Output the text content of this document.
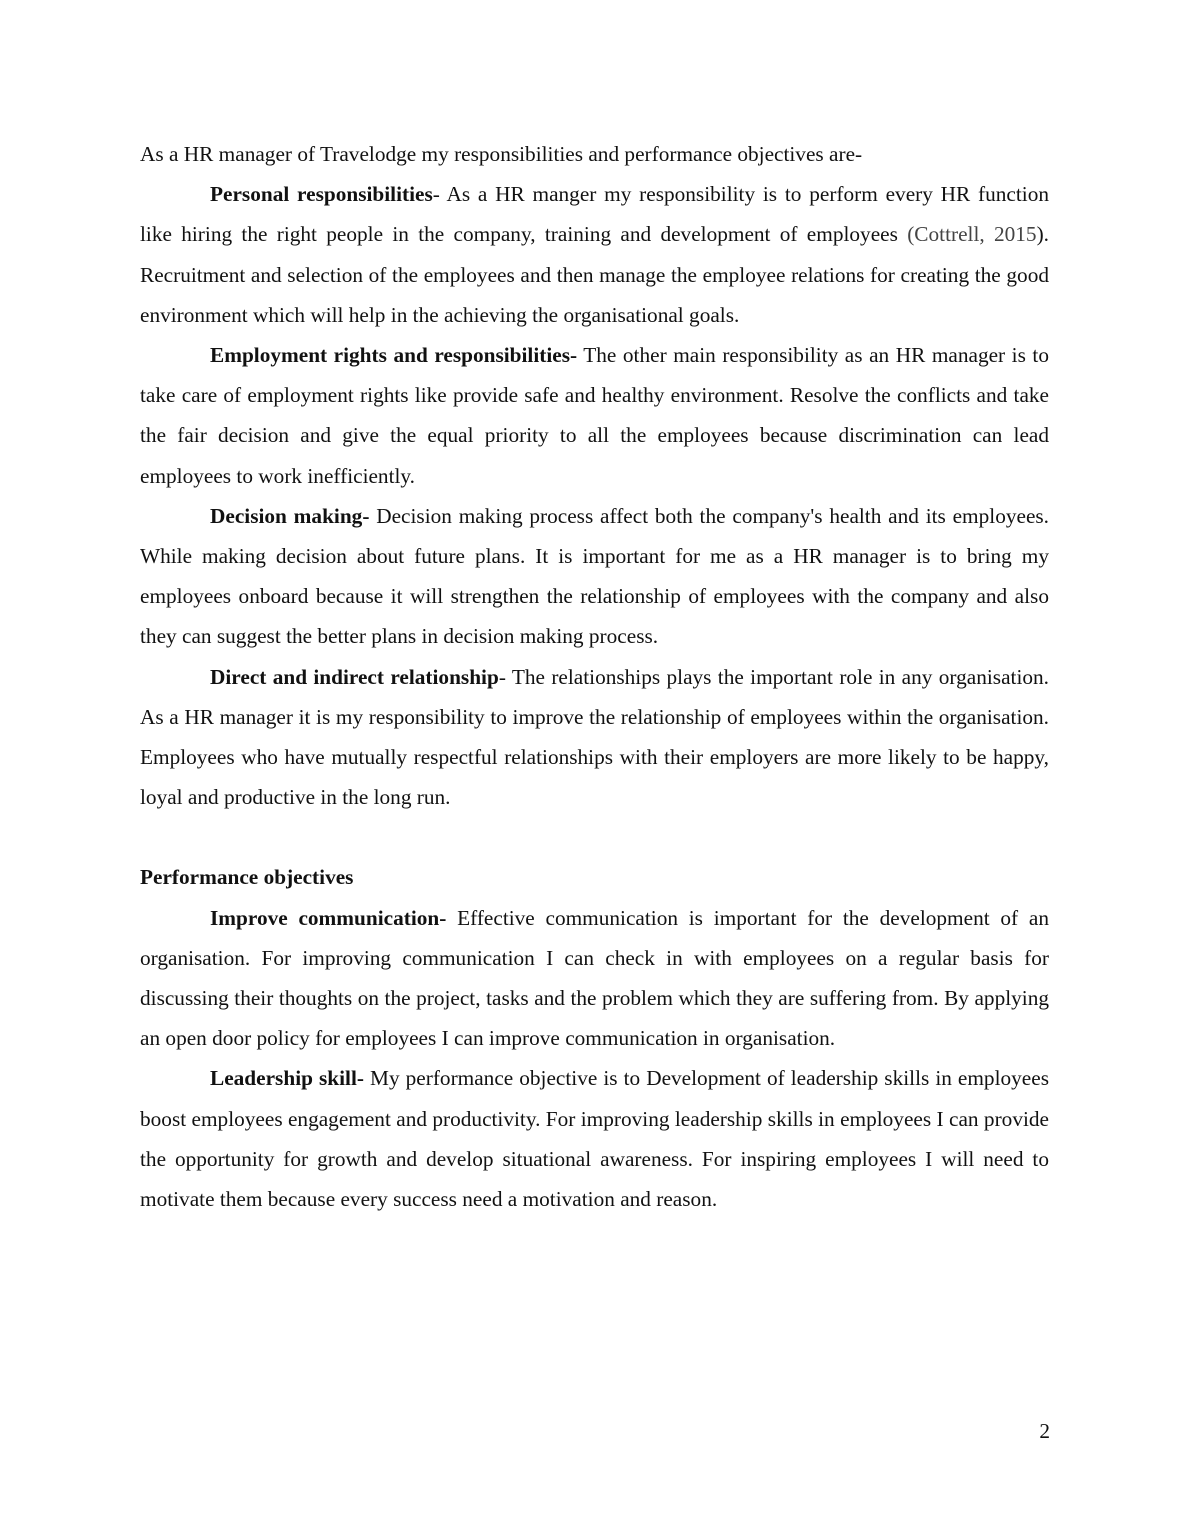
As a HR manager of Travelodge my responsibilities and performance objectives are-

Personal responsibilities- As a HR manger my responsibility is to perform every HR function like hiring the right people in the company, training and development of employees (Cottrell, 2015). Recruitment and selection of the employees and then manage the employee relations for creating the good environment which will help in the achieving the organisational goals.

Employment rights and responsibilities- The other main responsibility as an HR manager is to take care of employment rights like provide safe and healthy environment. Resolve the conflicts and take the fair decision and give the equal priority to all the employees because discrimination can lead employees to work inefficiently.

Decision making- Decision making process affect both the company's health and its employees. While making decision about future plans. It is important for me as a HR manager is to bring my employees onboard because it will strengthen the relationship of employees with the company and also they can suggest the better plans in decision making process.

Direct and indirect relationship- The relationships plays the important role in any organisation. As a HR manager it is my responsibility to improve the relationship of employees within the organisation. Employees who have mutually respectful relationships with their employers are more likely to be happy, loyal and productive in the long run.

Performance objectives

Improve communication- Effective communication is important for the development of an organisation. For improving communication I can check in with employees on a regular basis for discussing their thoughts on the project, tasks and the problem which they are suffering from. By applying an open door policy for employees I can improve communication in organisation.

Leadership skill- My performance objective is to Development of leadership skills in employees boost employees engagement and productivity. For improving leadership skills in employees I can provide the opportunity for growth and develop situational awareness. For inspiring employees I will need to motivate them because every success need a motivation and reason.

2
